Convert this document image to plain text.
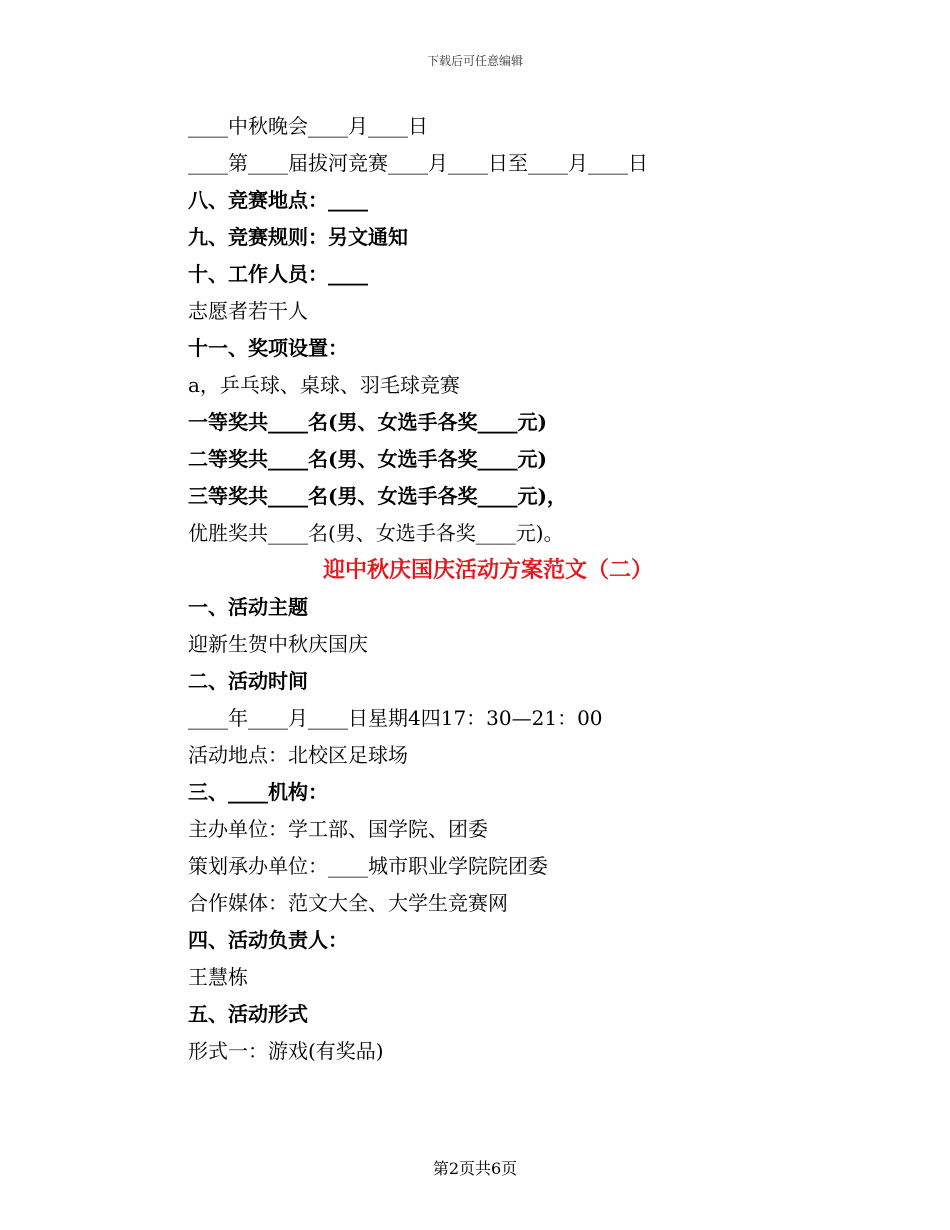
下载后可任意编辑
____中秋晚会____月____日
____第____届拔河竞赛____月____日至____月____日
八、竞赛地点：____
九、竞赛规则：另文通知
十、工作人员：____
志愿者若干人
十一、奖项设置：
a，乒乓球、桌球、羽毛球竞赛
一等奖共____名(男、女选手各奖____元)
二等奖共____名(男、女选手各奖____元)
三等奖共____名(男、女选手各奖____元)，
优胜奖共____名(男、女选手各奖____元)。
迎中秋庆国庆活动方案范文（二）
一、活动主题
迎新生贺中秋庆国庆
二、活动时间
____年____月____日星期4四17：30—21：00
活动地点：北校区足球场
三、____机构：
主办单位：学工部、国学院、团委
策划承办单位：____城市职业学院院团委
合作媒体：范文大全、大学生竞赛网
四、活动负责人：
王慧栋
五、活动形式
形式一：游戏(有奖品)
第2页共6页
